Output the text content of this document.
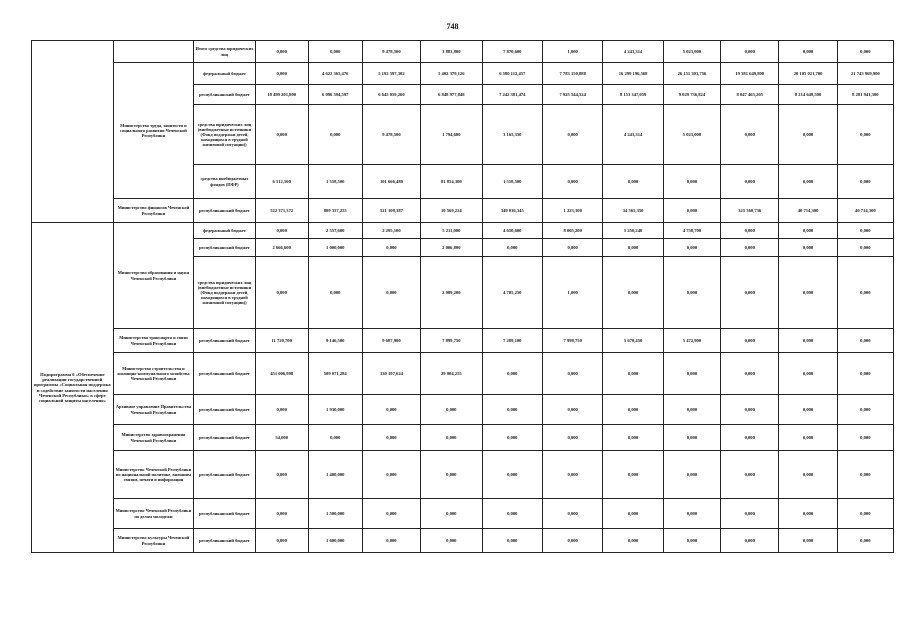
748
		Итого средства юридических лиц	0,000	0,000	9 478,500	3 883,800	7 870,600	1,000	4 243,314	5 023,000	0,000	0,000	0,000
	Министерство труда, занятости и социального развития Чеченской Республики	федеральный бюджет	0,000	4 622 365,476	5 192 597,302	5 402 379,126	6 580 112,457	7 783 150,888	16 299 196,568	26 151 303,756	19 381 649,800	20 105 021,700	21 743 969,900
		республиканский бюджет	10 499 201,800	6 096 594,597	6 645 059,260	6 848 977,848	7 242 381,474	7 925 544,524	8 153 347,059	9 029 736,824	8 047 465,205	8 214 649,500	8 281 941,300
		средства юридических лиц (внебюджетные источники (Фонд поддержки детей, находящихся в трудной жизненной ситуации))	0,000	0,000	9 478,500	1 794,600	3 165,350	0,000	4 243,314	5 023,000	0,000	0,000	0,000
		средства внебюджетных фондов (ПФР)	6 512,500	1 558,500	101 666,480	81 854,300	1 558,500	0,000	0,000	0,000	0,000	0,000	0,000
	Министерство финансов Чеченской Республики	республиканский бюджет	522 371,372	809 357,255	521 108,387	10 569,224	349 036,345	1 223,100	34 565,350	0,000	325 360,736	40 714,300	40 714,300
Подпрограмма 6 «Обеспечение реализации государственной программы «Социальная поддержка и содействие занятости населения Чеченской Республики» в сфере социальной защиты населения»	Министерство образования и науки Чеченской Республики	федеральный бюджет	0,000	2 557,600	2 295,100	5 211,000	4 650,600	8 005,200	5 250,240	4 758,700	0,000	0,000	0,000
		республиканский бюджет	2 666,600	1 000,000	0,000	2 006,800	0,000	0,000	0,000	0,000	0,000	0,000	0,000
		средства юридических лиц (внебюджетные источники (Фонд поддержки детей, находящихся в трудной жизненной ситуации))	0,000	0,000	0,000	2 089,200	4 705,250	1,000	0,000	0,000	0,000	0,000	0,000
	Министерство транспорта и связи Чеченской Республики	республиканский бюджет	11 720,700	9 146,500	9 687,900	7 899,750	7 289,100	7 998,750	5 670,450	5 472,900	0,000	0,000	0,000
	Министерство строительства и жилищно-коммунального хозяйства Чеченской Республики	республиканский бюджет	451 006,998	509 071,284	330 197,624	29 904,255	0,000	0,000	0,000	0,000	0,000	0,000	0,000
	Архивное управление Правительства Чеченской Республики	республиканский бюджет	0,000	1 930,000	0,000	0,000	0,000	0,000	0,000	0,000	0,000	0,000	0,000
	Министерство здравоохранения Чеченской Республики	республиканский бюджет	54,000	0,000	0,000	0,000	0,000	0,000	0,000	0,000	0,000	0,000	0,000
	Министерство Чеченской Республики по национальной политике, внешним связям, печати и информации	республиканский бюджет	0,000	1 400,000	0,000	0,000	0,000	0,000	0,000	0,000	0,000	0,000	0,000
	Министерство Чеченской Республики по делам молодежи	республиканский бюджет	0,000	1 500,000	0,000	0,000	0,000	0,000	0,000	0,000	0,000	0,000	0,000
	Министерство культуры Чеченской Республики	республиканский бюджет	0,000	1 600,000	0,000	0,000	0,000	0,000	0,000	0,000	0,000	0,000	0,000
